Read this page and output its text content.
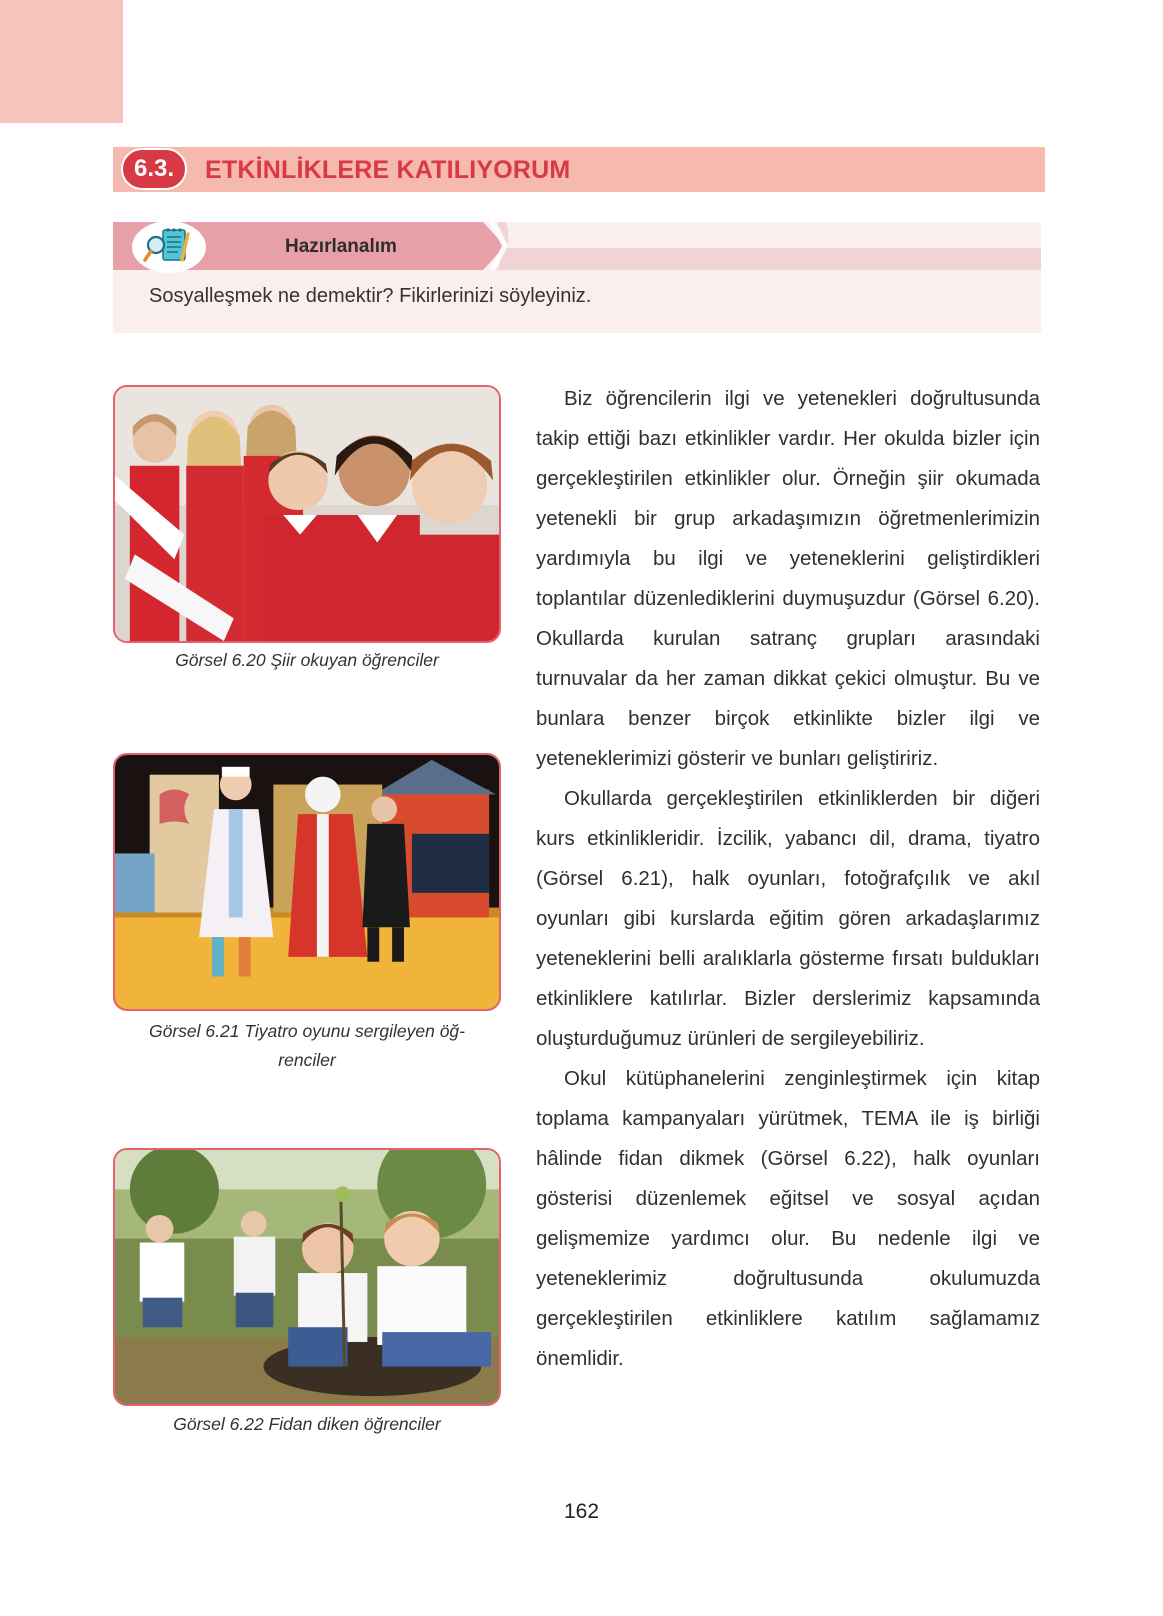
6.3.	ETKİNLİKLERE KATILIYORUM
Hazırlanalım
Sosyalleşmek ne demektir? Fikirlerinizi söyleyiniz.
Görsel 6.20 Şiir okuyan öğrenciler
Görsel 6.21 Tiyatro oyunu sergileyen öğ-
renciler
Görsel 6.22 Fidan diken öğrenciler

Biz öğrencilerin ilgi ve yetenekleri doğrultusunda takip ettiği bazı etkinlikler vardır. Her okulda bizler için gerçekleştirilen etkinlikler olur. Örneğin şiir okumada yetenekli bir grup arkadaşımızın öğretmenlerimizin yardımıyla bu ilgi ve yeteneklerini geliştirdikleri toplantılar düzenlediklerini duymuşuzdur (Görsel 6.20). Okullarda kurulan satranç grupları arasındaki turnuvalar da her zaman dikkat çekici olmuştur. Bu ve bunlara benzer birçok etkinlikte bizler ilgi ve yeteneklerimizi gösterir ve bunları geliştiririz.

Okullarda gerçekleştirilen etkinliklerden bir diğeri kurs etkinlikleridir. İzcilik, yabancı dil, drama, tiyatro (Görsel 6.21), halk oyunları, fotoğrafçılık ve akıl oyunları gibi kurslarda eğitim gören arkadaşlarımız yeteneklerini belli aralıklarla gösterme fırsatı buldukları etkinliklere katılırlar. Bizler derslerimiz kapsamında oluşturduğumuz ürünleri de sergileyebiliriz.

Okul kütüphanelerini zenginleştirmek için kitap toplama kampanyaları yürütmek, TEMA ile iş birliği hâlinde fidan dikmek (Görsel 6.22), halk oyunları gösterisi düzenlemek eğitsel ve sosyal açıdan gelişmemize yardımcı olur. Bu nedenle ilgi ve yeteneklerimiz doğrultusunda okulumuzda gerçekleştirilen etkinliklere katılım sağlamamız önemlidir.

162
